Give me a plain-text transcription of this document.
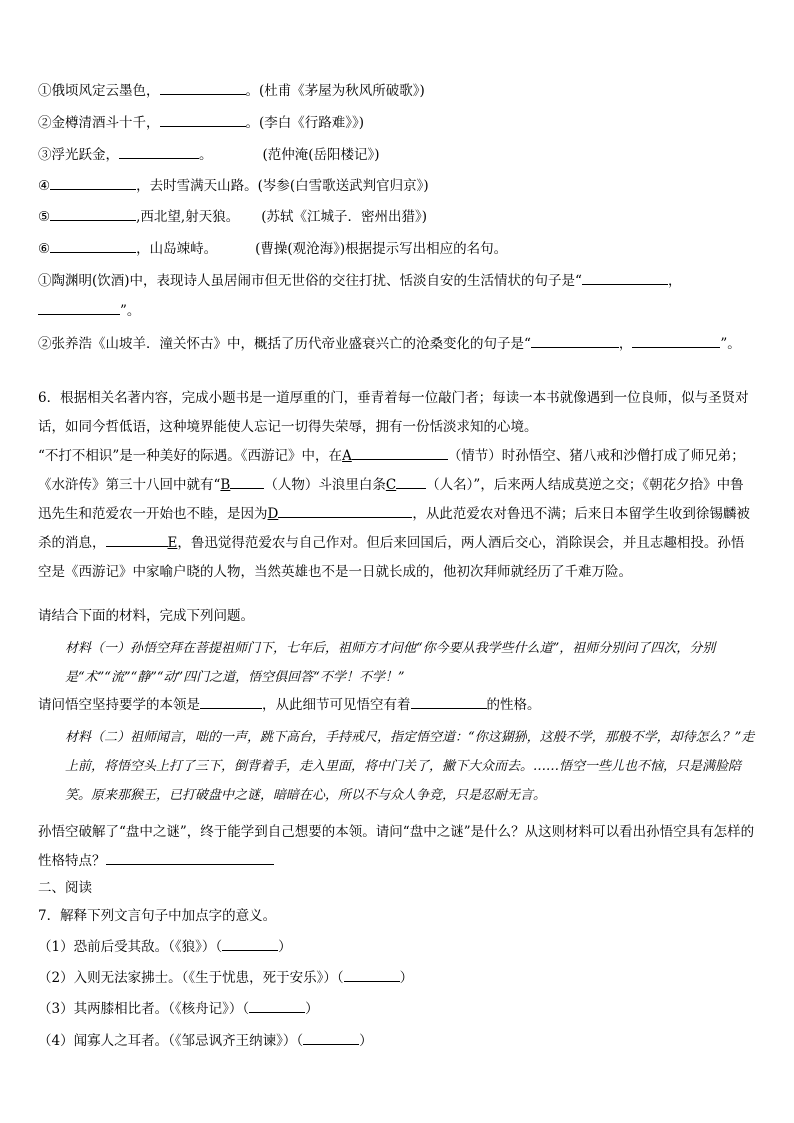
①俄顷风定云墨色，	。(杜甫《茅屋为秋风所破歌》)
②金樽清酒斗十千，	。(李白《行路难》》)
③浮光跃金，	。	(范仲淹(岳阳楼记》)
④	，去时雪满天山路。(岑参(白雪歌送武判官归京》)
⑤	,西北望,射天狼。 (苏轼《江城子．密州出猎》)
⑥	，山岛竦峙。	(曹操(观沧海》)根据提示写出相应的名句。
①陶渊明(饮酒)中，表现诗人虽居闹市但无世俗的交往打扰、恬淡自安的生活情状的句子是“	，
”。
②张养浩《山坡羊．潼关怀古》中，概括了历代帝业盛衰兴亡的沧桑变化的句子是“	，	”。
6．根据相关名著内容，完成小题书是一道厚重的门，垂青着每一位敲门者；每读一本书就像遇到一位良师，似与圣贤对话，如同今哲低语，这种境界能使人忘记一切得失荣辱，拥有一份恬淡求知的心境。
“不打不相识”是一种美好的际遇。《西游记》中，在A	（情节）时孙悟空、猪八戒和沙僧打成了师兄弟；《水浒传》第三十八回中就有“B	（人物）斗浪里白条C （人名）”，后来两人结成莫逆之交；《朝花夕拾》中鲁迅先生和范爱农一开始也不睦，是因为D	，从此范爱农对鲁迅不满；后来日本留学生收到徐锡麟被杀的消息，	E，鲁迅觉得范爱农与自己作对。但后来回国后，两人酒后交心，消除误会，并且志趣相投。孙悟空是《西游记》中家喻户晓的人物，当然英雄也不是一日就长成的，他初次拜师就经历了千难万险。
请结合下面的材料，完成下列问题。
材料（一）孙悟空拜在菩提祖师门下，七年后，祖师方才问他“你今要从我学些什么道”，祖师分别问了四次，分别是“术”“流”“静”“动”四门之道，悟空俱回答“不学！不学！”
请问悟空坚持要学的本领是	，从此细节可见悟空有着	的性格。
材料（二）祖师闻言，咄的一声，跳下高台，手持戒尺，指定悟空道：“你这猢狲，这般不学，那般不学，却待怎么？”走上前，将悟空头上打了三下，倒背着手，走入里面，将中门关了，撇下大众而去。……悟空一些儿也不恼，只是满脸陪笑。原来那猴王，已打破盘中之谜，暗暗在心，所以不与众人争竞，只是忍耐无言。
孙悟空破解了“盘中之谜”，终于能学到自己想要的本领。请问“盘中之谜”是什么？从这则材料可以看出孙悟空具有怎样的性格特点？
二、阅读
7．解释下列文言句子中加点字的意义。
（1）恐前后受其敌。（《狼》）（	）
（2）入则无法家拂士。（《生于忧患，死于安乐》）（	）
（3）其两膝相比者。（《核舟记》）（	）
（4）闻寡人之耳者。（《邹忌讽齐王纳谏》）（	）
